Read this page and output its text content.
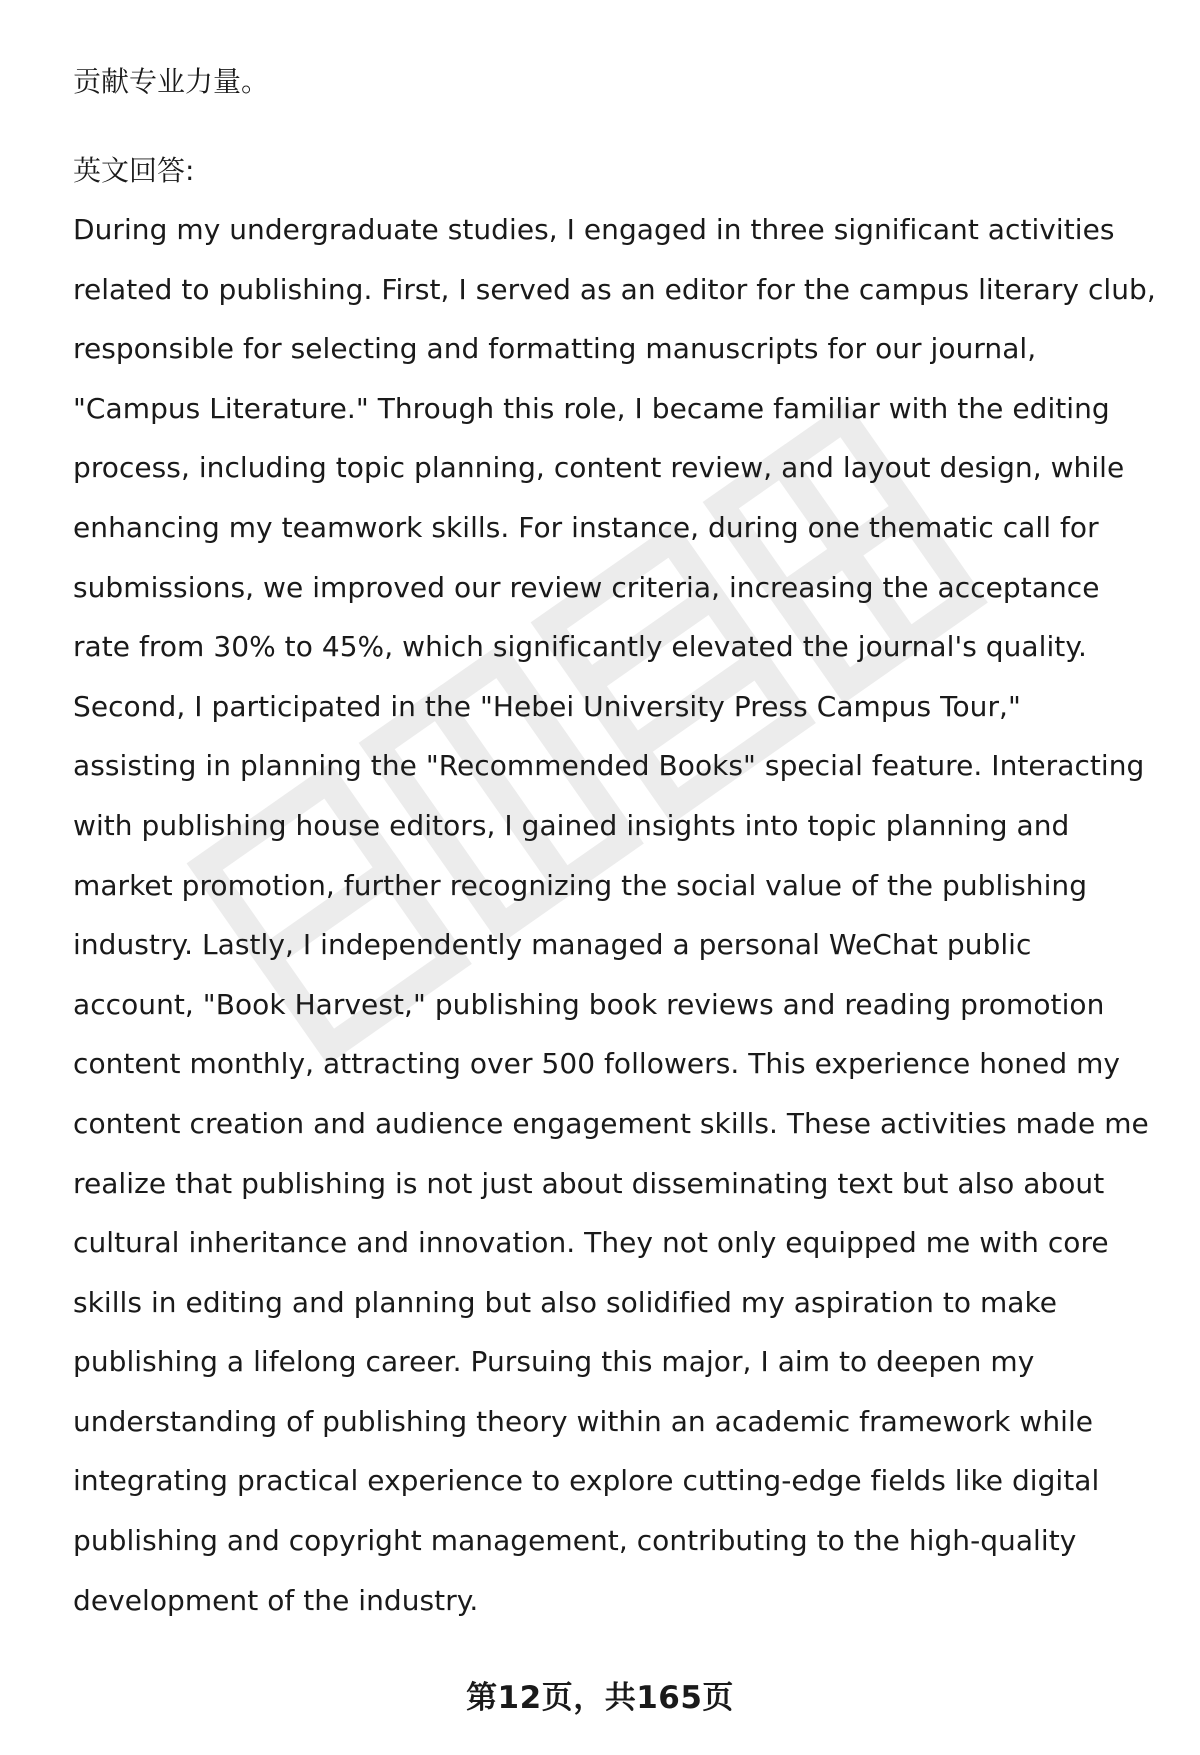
贡献专业力量。

英文回答:

During my undergraduate studies, I engaged in three significant activities
related to publishing. First, I served as an editor for the campus literary club,
responsible for selecting and formatting manuscripts for our journal,
"Campus Literature." Through this role, I became familiar with the editing
process, including topic planning, content review, and layout design, while
enhancing my teamwork skills. For instance, during one thematic call for
submissions, we improved our review criteria, increasing the acceptance
rate from 30% to 45%, which significantly elevated the journal's quality.
Second, I participated in the "Hebei University Press Campus Tour,"
assisting in planning the "Recommended Books" special feature. Interacting
with publishing house editors, I gained insights into topic planning and
market promotion, further recognizing the social value of the publishing
industry. Lastly, I independently managed a personal WeChat public
account, "Book Harvest," publishing book reviews and reading promotion
content monthly, attracting over 500 followers. This experience honed my
content creation and audience engagement skills. These activities made me
realize that publishing is not just about disseminating text but also about
cultural inheritance and innovation. They not only equipped me with core
skills in editing and planning but also solidified my aspiration to make
publishing a lifelong career. Pursuing this major, I aim to deepen my
understanding of publishing theory within an academic framework while
integrating practical experience to explore cutting-edge fields like digital
publishing and copyright management, contributing to the high-quality
development of the industry.
第12页，共165页
